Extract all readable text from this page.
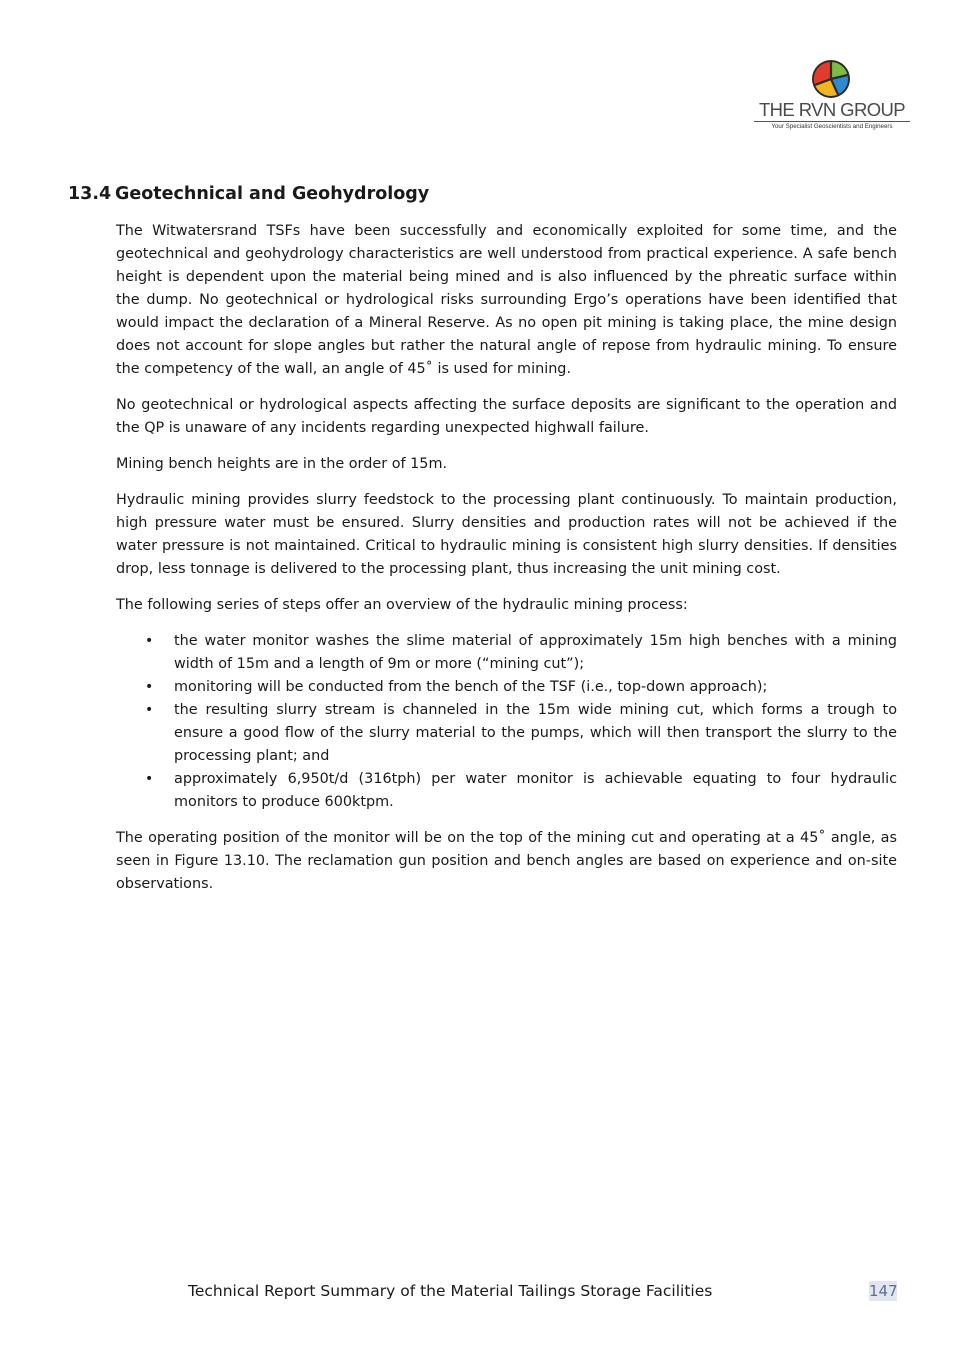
THE RVN GROUP
Your Specialist Geoscientists and Engineers
13.4 Geotechnical and Geohydrology

The Witwatersrand TSFs have been successfully and economically exploited for some time, and the geotechnical and geohydrology characteristics are well understood from practical experience. A safe bench height is dependent upon the material being mined and is also influenced by the phreatic surface within the dump. No geotechnical or hydrological risks surrounding Ergo’s operations have been identified that would impact the declaration of a Mineral Reserve. As no open pit mining is taking place, the mine design does not account for slope angles but rather the natural angle of repose from hydraulic mining. To ensure the competency of the wall, an angle of 45˚ is used for mining.

No geotechnical or hydrological aspects affecting the surface deposits are significant to the operation and the QP is unaware of any incidents regarding unexpected highwall failure.

Mining bench heights are in the order of 15m.

Hydraulic mining provides slurry feedstock to the processing plant continuously. To maintain production, high pressure water must be ensured. Slurry densities and production rates will not be achieved if the water pressure is not maintained. Critical to hydraulic mining is consistent high slurry densities. If densities drop, less tonnage is delivered to the processing plant, thus increasing the unit mining cost.

The following series of steps offer an overview of the hydraulic mining process:

• the water monitor washes the slime material of approximately 15m high benches with a mining width of 15m and a length of 9m or more (“mining cut”);
• monitoring will be conducted from the bench of the TSF (i.e., top-down approach);
• the resulting slurry stream is channeled in the 15m wide mining cut, which forms a trough to ensure a good flow of the slurry material to the pumps, which will then transport the slurry to the processing plant; and
• approximately 6,950t/d (316tph) per water monitor is achievable equating to four hydraulic monitors to produce 600ktpm.

The operating position of the monitor will be on the top of the mining cut and operating at a 45˚ angle, as seen in Figure 13.10. The reclamation gun position and bench angles are based on experience and on-site observations.

Technical Report Summary of the Material Tailings Storage Facilities	147
